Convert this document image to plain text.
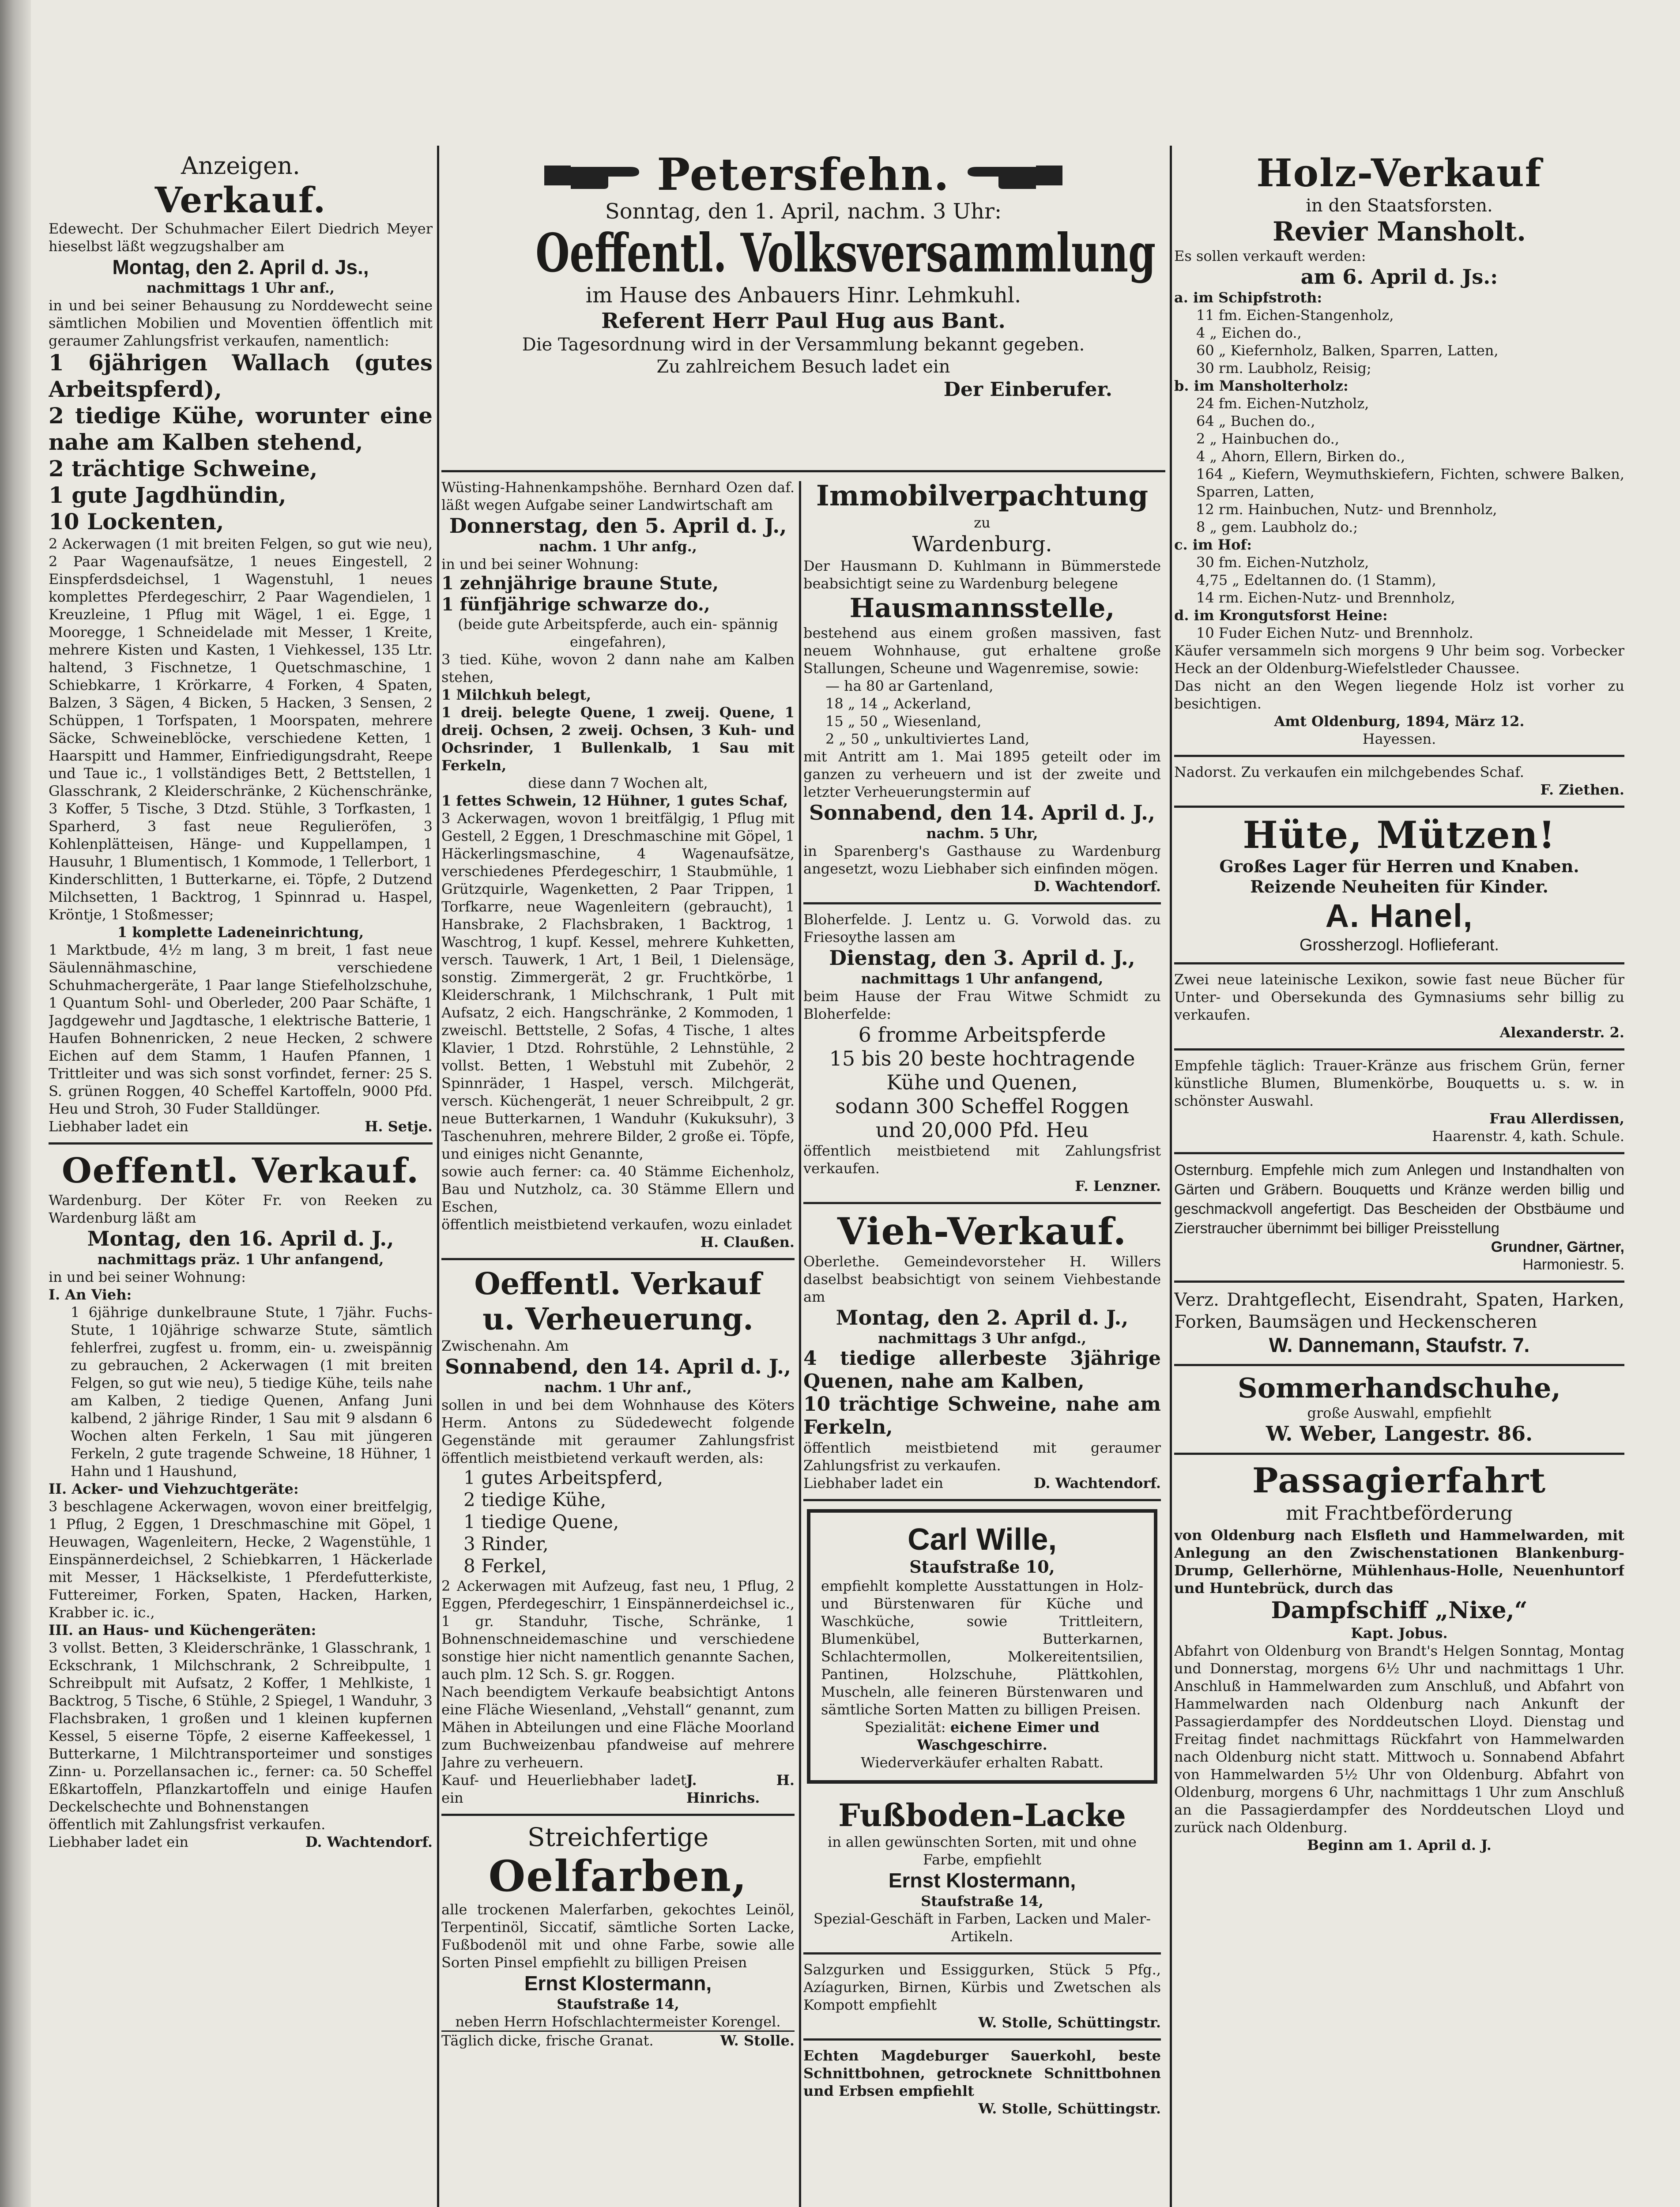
Anzeigen.

Verkauf.

Edewecht. Der Schuhmacher Eilert Diedrich Meyer hieselbst läßt wegzugshalber am

Montag, den 2. April d. Js.,

nachmittags 1 Uhr anf.,

in und bei seiner Behausung zu Norddewecht seine sämtlichen Mobilien und Moventien öffentlich mit geraumer Zahlungsfrist verkaufen, namentlich:

1 6jährigen Wallach (gutes Arbeitspferd),

2 tiedige Kühe, worunter eine nahe am Kalben stehend,

2 trächtige Schweine,

1 gute Jagdhündin,

10 Lockenten,

2 Ackerwagen (1 mit breiten Felgen, so gut wie neu), 2 Paar Wagenaufsätze, 1 neues Eingestell, 2 Einspferdsdeichsel, 1 Wagenstuhl, 1 neues komplettes Pferdegeschirr, 2 Paar Wagendielen, 1 Kreuzleine, 1 Pflug mit Wägel, 1 ei. Egge, 1 Mooregge, 1 Schneidelade mit Messer, 1 Kreite, mehrere Kisten und Kasten, 1 Viehkessel, 135 Ltr. haltend, 3 Fischnetze, 1 Quetschmaschine, 1 Schiebkarre, 1 Krörkarre, 4 Forken, 4 Spaten, Balzen, 3 Sägen, 4 Bicken, 5 Hacken, 3 Sensen, 2 Schüppen, 1 Torfspaten, 1 Moorspaten, mehrere Säcke, Schweineblöcke, verschiedene Ketten, 1 Haarspitt und Hammer, Einfriedigungsdraht, Reepe und Taue ic., 1 vollständiges Bett, 2 Bettstellen, 1 Glasschrank, 2 Kleiderschränke, 2 Küchenschränke, 3 Koffer, 5 Tische, 3 Dtzd. Stühle, 3 Torfkasten, 1 Sparherd, 3 fast neue Regulieröfen, 3 Kohlenplätteisen, Hänge- und Kuppellampen, 1 Hausuhr, 1 Blumentisch, 1 Kommode, 1 Tellerbort, 1 Kinderschlitten, 1 Butterkarne, ei. Töpfe, 2 Dutzend Milchsetten, 1 Backtrog, 1 Spinnrad u. Haspel, Kröntje, 1 Stoßmesser;

1 komplette Ladeneinrichtung,

1 Marktbude, 4½ m lang, 3 m breit, 1 fast neue Säulennähmaschine, verschiedene Schuhmachergeräte, 1 Paar lange Stiefelholzschuhe, 1 Quantum Sohl- und Oberleder, 200 Paar Schäfte, 1 Jagdgewehr und Jagdtasche, 1 elektrische Batterie, 1 Haufen Bohnenricken, 2 neue Hecken, 2 schwere Eichen auf dem Stamm, 1 Haufen Pfannen, 1 Trittleiter und was sich sonst vorfindet, ferner: 25 S. S. grünen Roggen, 40 Scheffel Kartoffeln, 9000 Pfd. Heu und Stroh, 30 Fuder Stalldünger.

Liebhaber ladet ein	H. Setje.

Oeffentl. Verkauf.

Wardenburg. Der Köter Fr. von Reeken zu Wardenburg läßt am

Montag, den 16. April d. J.,

nachmittags präz. 1 Uhr anfangend,

in und bei seiner Wohnung:

I. An Vieh:

1 6jährige dunkelbraune Stute, 1 7jähr. Fuchs-Stute, 1 10jährige schwarze Stute, sämtlich fehlerfrei, zugfest u. fromm, ein- u. zweispännig zu gebrauchen, 2 Ackerwagen (1 mit breiten Felgen, so gut wie neu), 5 tiedige Kühe, teils nahe am Kalben, 2 tiedige Quenen, Anfang Juni kalbend, 2 jährige Rinder, 1 Sau mit 9 alsdann 6 Wochen alten Ferkeln, 1 Sau mit jüngeren Ferkeln, 2 gute tragende Schweine, 18 Hühner, 1 Hahn und 1 Haushund,

II. Acker- und Viehzuchtgeräte:

3 beschlagene Ackerwagen, wovon einer breitfelgig, 1 Pflug, 2 Eggen, 1 Dreschmaschine mit Göpel, 1 Heuwagen, Wagenleitern, Hecke, 2 Wagenstühle, 1 Einspännerdeichsel, 2 Schiebkarren, 1 Häckerlade mit Messer, 1 Häckselkiste, 1 Pferdefutterkiste, Futtereimer, Forken, Spaten, Hacken, Harken, Krabber ic. ic.,

III. an Haus- und Küchengeräten:

3 vollst. Betten, 3 Kleiderschränke, 1 Glasschrank, 1 Eckschrank, 1 Milchschrank, 2 Schreibpulte, 1 Schreibpult mit Aufsatz, 2 Koffer, 1 Mehlkiste, 1 Backtrog, 5 Tische, 6 Stühle, 2 Spiegel, 1 Wanduhr, 3 Flachsbraken, 1 großen und 1 kleinen kupfernen Kessel, 5 eiserne Töpfe, 2 eiserne Kaffeekessel, 1 Butterkarne, 1 Milchtransporteimer und sonstiges Zinn- u. Porzellansachen ic., ferner: ca. 50 Scheffel Eßkartoffeln, Pflanzkartoffeln und einige Haufen Deckelschechte und Bohnenstangen

öffentlich mit Zahlungsfrist verkaufen.

Liebhaber ladet ein	D. Wachtendorf.

Petersfehn.
Sonntag, den 1. April, nachm. 3 Uhr:
Oeffentl. Volksversammlung
im Hause des Anbauers Hinr. Lehmkuhl.
Referent Herr Paul Hug aus Bant.

Die Tagesordnung wird in der Versammlung bekannt gegeben.

Zu zahlreichem Besuch ladet ein

Der Einberufer.

Wüsting-Hahnenkampshöhe. Bernhard Ozen daf. läßt wegen Aufgabe seiner Landwirtschaft am

Donnerstag, den 5. April d. J.,

nachm. 1 Uhr anfg.,

in und bei seiner Wohnung:

1 zehnjährige braune Stute,

1 fünfjährige schwarze do.,

(beide gute Arbeitspferde, auch ein- spännig eingefahren),

3 tied. Kühe, wovon 2 dann nahe am Kalben stehen,

1 Milchkuh belegt,

1 dreij. belegte Quene, 1 zweij. Quene, 1 dreij. Ochsen, 2 zweij. Ochsen, 3 Kuh- und Ochsrinder, 1 Bullenkalb, 1 Sau mit Ferkeln,

diese dann 7 Wochen alt,

1 fettes Schwein, 12 Hühner, 1 gutes Schaf,

3 Ackerwagen, wovon 1 breitfälgig, 1 Pflug mit Gestell, 2 Eggen, 1 Dreschmaschine mit Göpel, 1 Häckerlingsmaschine, 4 Wagenaufsätze, verschiedenes Pferdegeschirr, 1 Staubmühle, 1 Grützquirle, Wagenketten, 2 Paar Trippen, 1 Torfkarre, neue Wagenleitern (gebraucht), 1 Hansbrake, 2 Flachsbraken, 1 Backtrog, 1 Waschtrog, 1 kupf. Kessel, mehrere Kuhketten, versch. Tauwerk, 1 Art, 1 Beil, 1 Dielensäge, sonstig. Zimmergerät, 2 gr. Fruchtkörbe, 1 Kleiderschrank, 1 Milchschrank, 1 Pult mit Aufsatz, 2 eich. Hangschränke, 2 Kommoden, 1 zweischl. Bettstelle, 2 Sofas, 4 Tische, 1 altes Klavier, 1 Dtzd. Rohrstühle, 2 Lehnstühle, 2 vollst. Betten, 1 Webstuhl mit Zubehör, 2 Spinnräder, 1 Haspel, versch. Milchgerät, versch. Küchengerät, 1 neuer Schreibpult, 2 gr. neue Butterkarnen, 1 Wanduhr (Kukuksuhr), 3 Taschenuhren, mehrere Bilder, 2 große ei. Töpfe, und einiges nicht Genannte,

sowie auch ferner: ca. 40 Stämme Eichenholz, Bau und Nutzholz, ca. 30 Stämme Ellern und Eschen,

öffentlich meistbietend verkaufen, wozu einladet

H. Claußen.

Oeffentl. Verkauf
u. Verheuerung.

Zwischenahn. Am

Sonnabend, den 14. April d. J.,

nachm. 1 Uhr anf.,

sollen in und bei dem Wohnhause des Köters Herm. Antons zu Südedewecht folgende Gegenstände mit geraumer Zahlungsfrist öffentlich meistbietend verkauft werden, als:

1 gutes Arbeitspferd,

2 tiedige Kühe,

1 tiedige Quene,

3 Rinder,

8 Ferkel,

2 Ackerwagen mit Aufzeug, fast neu, 1 Pflug, 2 Eggen, Pferdegeschirr, 1 Einspännerdeichsel ic., 1 gr. Standuhr, Tische, Schränke, 1 Bohnenschneidemaschine und verschiedene sonstige hier nicht namentlich genannte Sachen, auch plm. 12 Sch. S. gr. Roggen.

Nach beendigtem Verkaufe beabsichtigt Antons eine Fläche Wiesenland, „Vehstall“ genannt, zum Mähen in Abteilungen und eine Fläche Moorland zum Buchweizenbau pfandweise auf mehrere Jahre zu verheuern.

Kauf- und Heuerliebhaber ladet ein

J. H. Hinrichs.

Streichfertige
Oelfarben,

alle trockenen Malerfarben, gekochtes Leinöl, Terpentinöl, Siccatif, sämtliche Sorten Lacke, Fußbodenöl mit und ohne Farbe, sowie alle Sorten Pinsel empfiehlt zu billigen Preisen

Ernst Klostermann,

Staufstraße 14,

neben Herrn Hofschlachtermeister Korengel.

Täglich dicke, frische Granat.	W. Stolle.

Immobilverpachtung

zu

Wardenburg.

Der Hausmann D. Kuhlmann in Bümmerstede beabsichtigt seine zu Wardenburg belegene

Hausmannsstelle,

bestehend aus einem großen massiven, fast neuem Wohnhause, gut erhaltene große Stallungen, Scheune und Wagenremise, sowie:

— ha 80 ar Gartenland,

18 „ 14 „ Ackerland,

15 „ 50 „ Wiesenland,

2 „ 50 „ unkultiviertes Land,

mit Antritt am 1. Mai 1895 geteilt oder im ganzen zu verheuern und ist der zweite und letzter Verheuerungstermin auf

Sonnabend, den 14. April d. J.,

nachm. 5 Uhr,

in Sparenberg's Gasthause zu Wardenburg angesetzt, wozu Liebhaber sich einfinden mögen.

D. Wachtendorf.

Bloherfelde. J. Lentz u. G. Vorwold das. zu Friesoythe lassen am

Dienstag, den 3. April d. J.,

nachmittags 1 Uhr anfangend,

beim Hause der Frau Witwe Schmidt zu Bloherfelde:

6 fromme Arbeitspferde

15 bis 20 beste hochtragende Kühe und Quenen,

sodann 300 Scheffel Roggen

und 20,000 Pfd. Heu

öffentlich meistbietend mit Zahlungsfrist verkaufen.

F. Lenzner.

Vieh-Verkauf.

Oberlethe. Gemeindevorsteher H. Willers daselbst beabsichtigt von seinem Viehbestande am

Montag, den 2. April d. J.,

nachmittags 3 Uhr anfgd.,

4 tiedige allerbeste 3jährige Quenen, nahe am Kalben,

10 trächtige Schweine, nahe am Ferkeln,

öffentlich meistbietend mit geraumer Zahlungsfrist zu verkaufen.

Liebhaber ladet ein	D. Wachtendorf.

Carl Wille,

Staufstraße 10,

empfiehlt komplette Ausstattungen in Holz- und Bürstenwaren für Küche und Waschküche, sowie Trittleitern, Blumenkübel, Butterkarnen, Schlachtermollen, Molkereitentsilien, Pantinen, Holzschuhe, Plättkohlen, Muscheln, alle feineren Bürstenwaren und sämtliche Sorten Matten zu billigen Preisen.

Spezialität: eichene Eimer und Waschgeschirre.

Wiederverkäufer erhalten Rabatt.

Fußboden-Lacke

in allen gewünschten Sorten, mit und ohne Farbe, empfiehlt

Ernst Klostermann,

Staufstraße 14,

Spezial-Geschäft in Farben, Lacken und Maler-Artikeln.

Salzgurken und Essiggurken, Stück 5 Pfg., Azíagurken, Birnen, Kürbis und Zwetschen als Kompott empfiehlt

W. Stolle, Schüttingstr.

Echten Magdeburger Sauerkohl, beste Schnittbohnen, getrocknete Schnittbohnen und Erbsen empfiehlt

W. Stolle, Schüttingstr.

Holz-Verkauf

in den Staatsforsten.

Revier Mansholt.

Es sollen verkauft werden:

am 6. April d. Js.:

a. im Schipfstroth:

11 fm. Eichen-Stangenholz,

4 „ Eichen do.,

60 „ Kiefernholz, Balken, Sparren, Latten,

30 rm. Laubholz, Reisig;

b. im Mansholterholz:

24 fm. Eichen-Nutzholz,

64 „ Buchen do.,

2 „ Hainbuchen do.,

4 „ Ahorn, Ellern, Birken do.,

164 „ Kiefern, Weymuthskiefern, Fichten, schwere Balken, Sparren, Latten,

12 rm. Hainbuchen, Nutz- und Brennholz,

8 „ gem. Laubholz do.;

c. im Hof:

30 fm. Eichen-Nutzholz,

4,75 „ Edeltannen do. (1 Stamm),

14 rm. Eichen-Nutz- und Brennholz,

d. im Krongutsforst Heine:

10 Fuder Eichen Nutz- und Brennholz.

Käufer versammeln sich morgens 9 Uhr beim sog. Vorbecker Heck an der Oldenburg-Wiefelstleder Chaussee.

Das nicht an den Wegen liegende Holz ist vorher zu besichtigen.

Amt Oldenburg, 1894, März 12.

Hayessen.

Nadorst. Zu verkaufen ein milchgebendes Schaf.

F. Ziethen.

Hüte, Mützen!

Großes Lager für Herren und Knaben.

Reizende Neuheiten für Kinder.

A. Hanel,

Grossherzogl. Hoflieferant.

Zwei neue lateinische Lexikon, sowie fast neue Bücher für Unter- und Obersekunda des Gymnasiums sehr billig zu verkaufen.

Alexanderstr. 2.

Empfehle täglich: Trauer-Kränze aus frischem Grün, ferner künstliche Blumen, Blumenkörbe, Bouquetts u. s. w. in schönster Auswahl.

Frau Allerdissen,

Haarenstr. 4, kath. Schule.

Osternburg. Empfehle mich zum Anlegen und Instandhalten von Gärten und Gräbern. Bouquetts und Kränze werden billig und geschmackvoll angefertigt. Das Bescheiden der Obstbäume und Zierstraucher übernimmt bei billiger Preisstellung

Grundner, Gärtner,

Harmoniestr. 5.

Verz. Drahtgeflecht, Eisendraht, Spaten, Harken, Forken, Baumsägen und Heckenscheren

W. Dannemann, Staufstr. 7.

Sommerhandschuhe,

große Auswahl, empfiehlt

W. Weber, Langestr. 86.

Passagierfahrt
mit Frachtbeförderung

von Oldenburg nach Elsfleth und Hammelwarden, mit Anlegung an den Zwischenstationen Blankenburg-Drump, Gellerhörne, Mühlenhaus-Holle, Neuenhuntorf und Huntebrück, durch das

Dampfschiff „Nixe,“

Kapt. Jobus.

Abfahrt von Oldenburg von Brandt's Helgen Sonntag, Montag und Donnerstag, morgens 6½ Uhr und nachmittags 1 Uhr. Anschluß in Hammelwarden zum Anschluß, und Abfahrt von Hammelwarden nach Oldenburg nach Ankunft der Passagierdampfer des Norddeutschen Lloyd. Dienstag und Freitag findet nachmittags Rückfahrt von Hammelwarden nach Oldenburg nicht statt. Mittwoch u. Sonnabend Abfahrt von Hammelwarden 5½ Uhr von Oldenburg. Abfahrt von Oldenburg, morgens 6 Uhr, nachmittags 1 Uhr zum Anschluß an die Passagierdampfer des Norddeutschen Lloyd und zurück nach Oldenburg.

Beginn am 1. April d. J.
